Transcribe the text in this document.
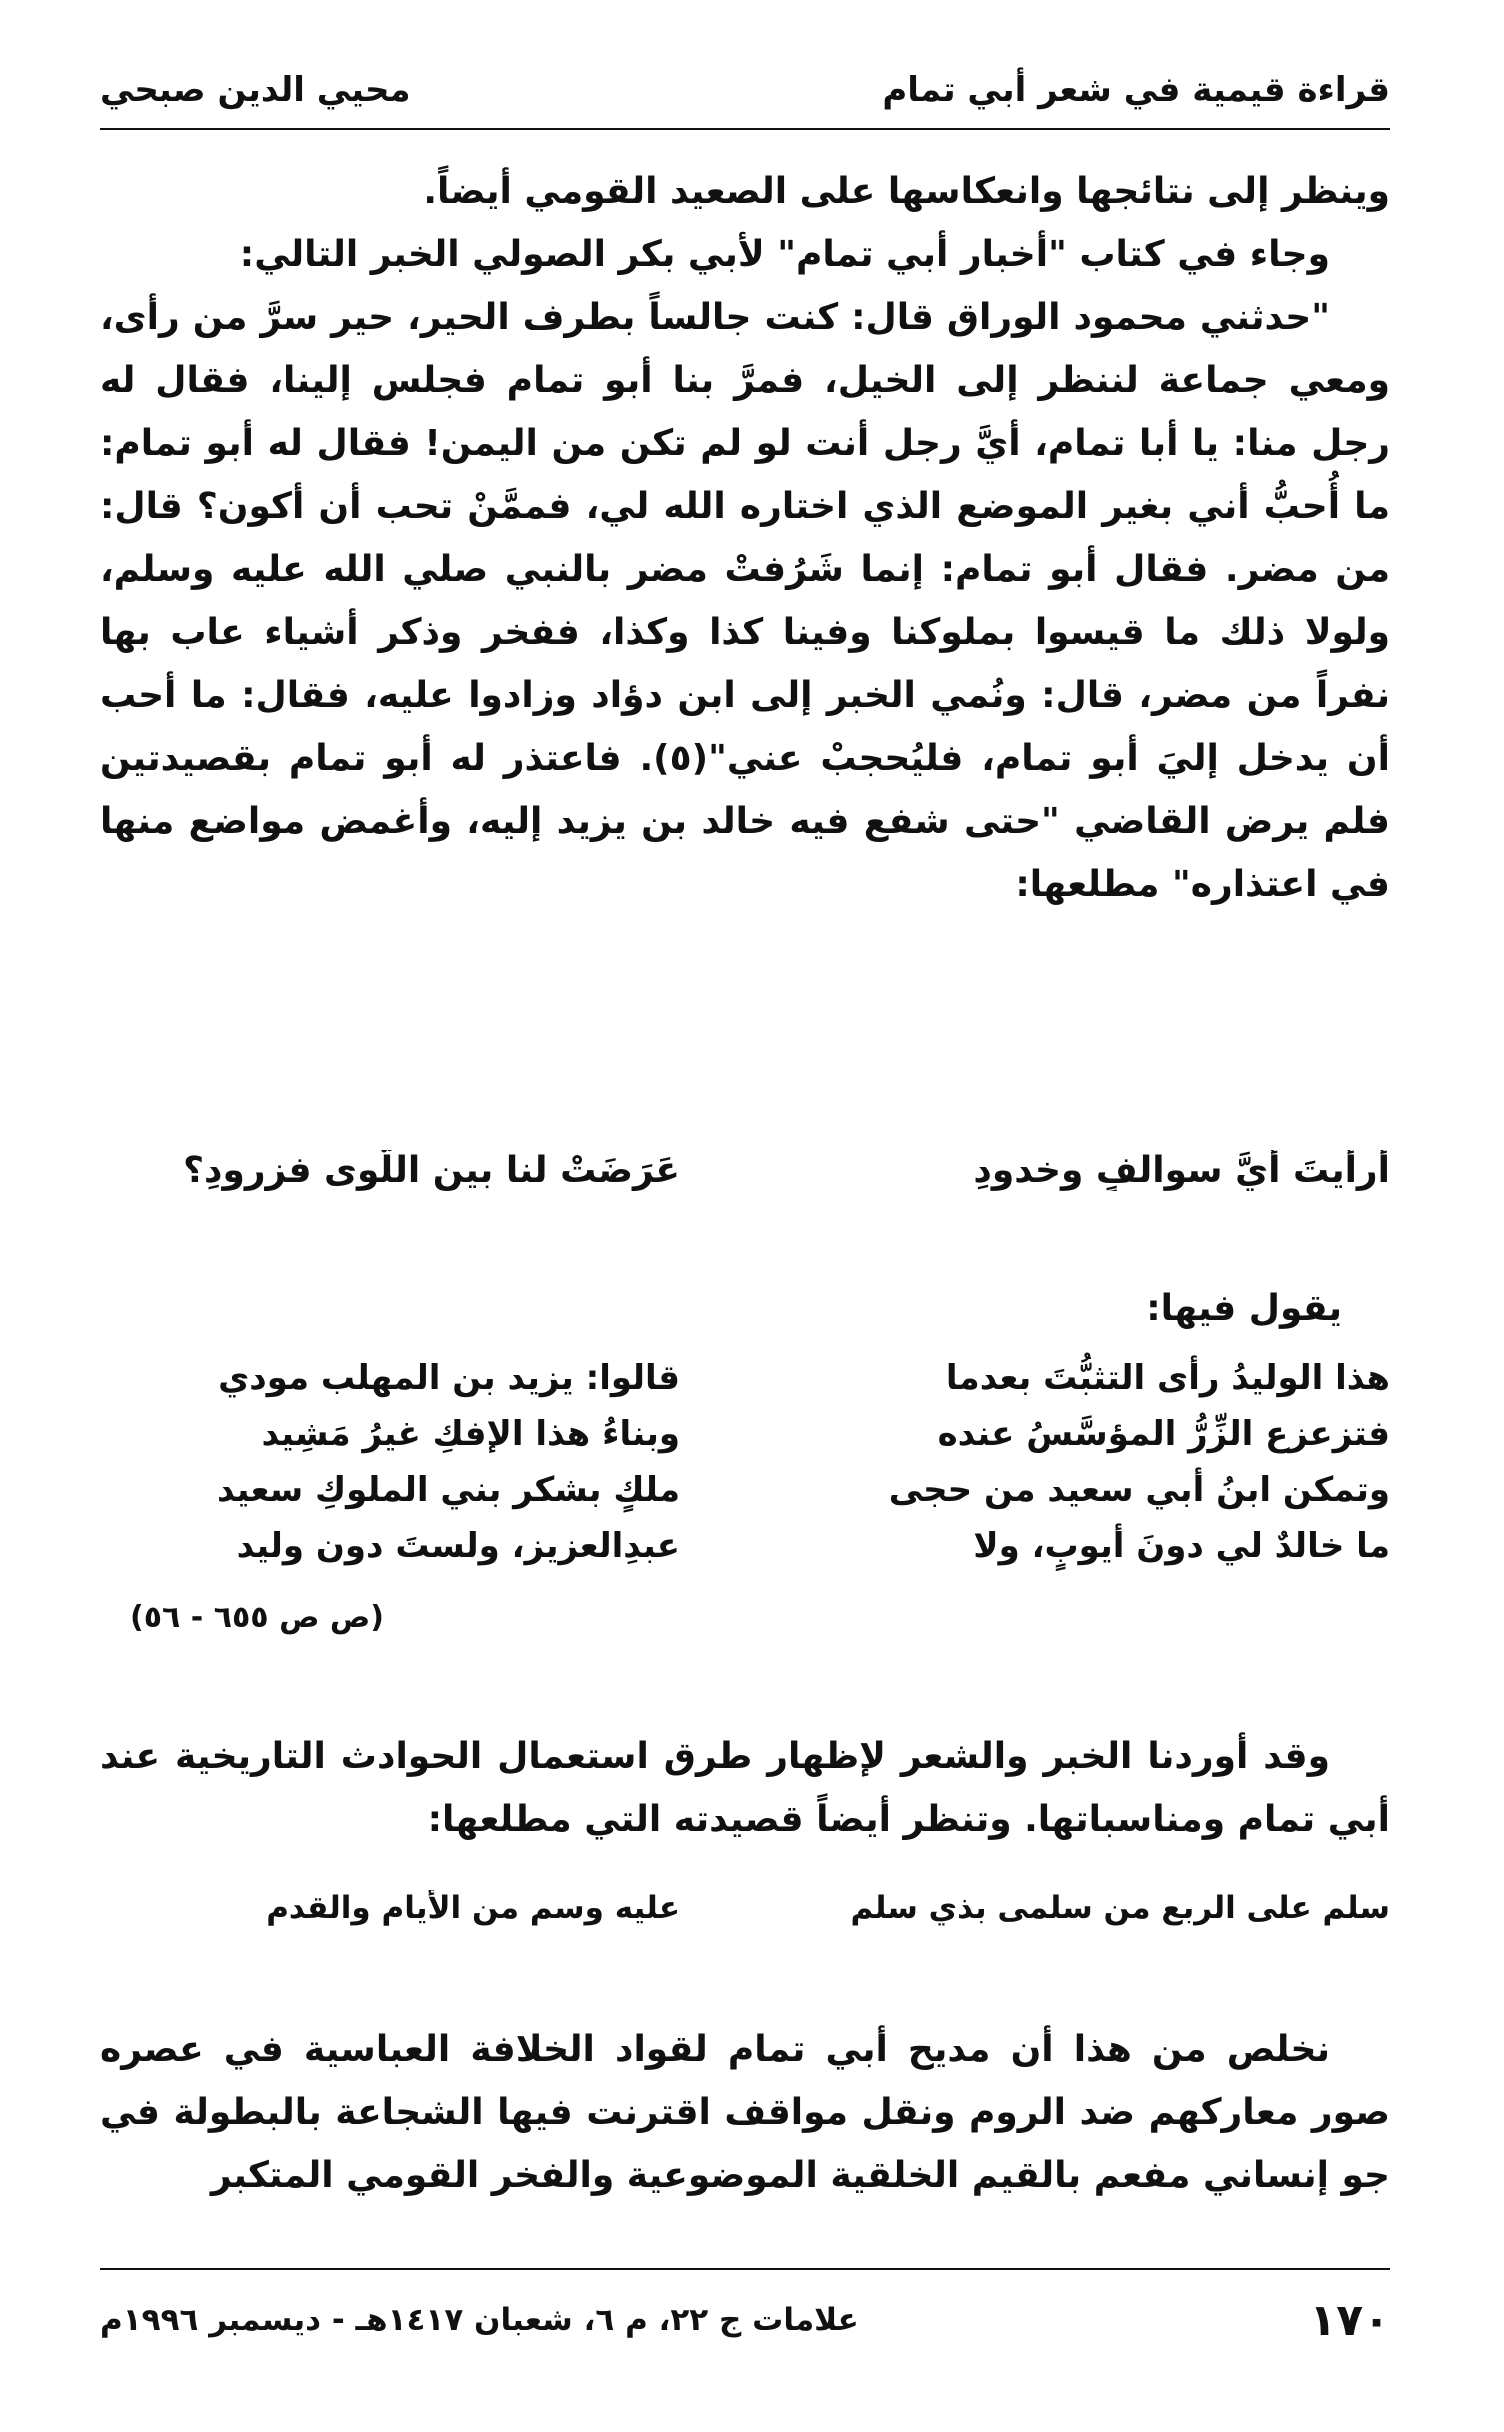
قراءة قيمية في شعر أبي تمام
محيي الدين صبحي

وينظر إلى نتائجها وانعكاسها على الصعيد القومي أيضاً.

وجاء في كتاب "أخبار أبي تمام" لأبي بكر الصولي الخبر التالي:

"حدثني محمود الوراق قال: كنت جالساً بطرف الحير، حير سرَّ من رأى، ومعي جماعة لننظر إلى الخيل، فمرَّ بنا أبو تمام فجلس إلينا، فقال له رجل منا: يا أبا تمام، أيَّ رجل أنت لو لم تكن من اليمن! فقال له أبو تمام: ما أُحبُّ أني بغير الموضع الذي اختاره الله لي، فممَّنْ تحب أن أكون؟ قال: من مضر. فقال أبو تمام: إنما شَرُفتْ مضر بالنبي صلي الله عليه وسلم، ولولا ذلك ما قيسوا بملوكنا وفينا كذا وكذا، ففخر وذكر أشياء عاب بها نفراً من مضر، قال: ونُمي الخبر إلى ابن دؤاد وزادوا عليه، فقال: ما أحب أن يدخل إليَ أبو تمام، فليُحجبْ عني"(٥). فاعتذر له أبو تمام بقصيدتين فلم يرض القاضي "حتى شفع فيه خالد بن يزيد إليه، وأغمض مواضع منها في اعتذاره" مطلعها:

أرأيتَ أيَّ سوالفٍ وخدودِ
عَرَضَتْ لنا بين اللّوى فزرودِ؟
يقول فيها:
هذا الوليدُ رأى التثبُّتَ بعدما
فتزعزع الزِّرُّ المؤسَّسُ عنده
وتمكن ابنُ أبي سعيد من حجى
ما خالدٌ لي دونَ أيوبٍ، ولا
قالوا: يزيد بن المهلب مودي
وبناءُ هذا الإفكِ غيرُ مَشِيد
ملكٍ بشكر بني الملوكِ سعيد
عبدِالعزيز، ولستَ دون وليد
(ص ص ٦٥٥ - ٥٦)

وقد أوردنا الخبر والشعر لإظهار طرق استعمال الحوادث التاريخية عند أبي تمام ومناسباتها. وتنظر أيضاً قصيدته التي مطلعها:

سلم على الربع من سلمى بذي سلم
عليه وسم من الأيام والقدم

نخلص من هذا أن مديح أبي تمام لقواد الخلافة العباسية في عصره صور معاركهم ضد الروم ونقل مواقف اقترنت فيها الشجاعة بالبطولة في جو إنساني مفعم بالقيم الخلقية الموضوعية والفخر القومي المتكبر

١٧٠
علامات ج ٢٢، م ٦، شعبان ١٤١٧هـ - ديسمبر ١٩٩٦م
